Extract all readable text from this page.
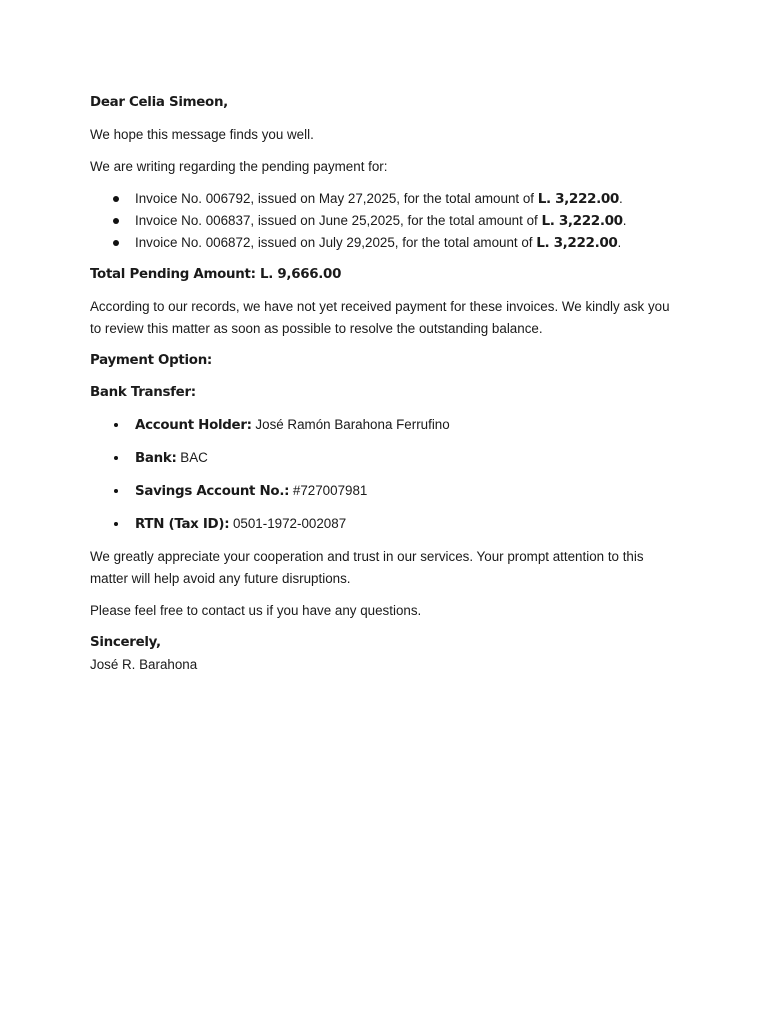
Dear Celia Simeon,

We hope this message finds you well.

We are writing regarding the pending payment for:

Invoice No. 006792, issued on May 27,2025, for the total amount of L. 3,222.00.
Invoice No. 006837, issued on June 25,2025, for the total amount of L. 3,222.00.
Invoice No. 006872, issued on July 29,2025, for the total amount of L. 3,222.00.

Total Pending Amount: L. 9,666.00

According to our records, we have not yet received payment for these invoices. We kindly ask you to review this matter as soon as possible to resolve the outstanding balance.

Payment Option:

Bank Transfer:

Account Holder: José Ramón Barahona Ferrufino
Bank: BAC
Savings Account No.: #727007981
RTN (Tax ID): 0501-1972-002087

We greatly appreciate your cooperation and trust in our services. Your prompt attention to this matter will help avoid any future disruptions.

Please feel free to contact us if you have any questions.

Sincerely,

José R. Barahona
